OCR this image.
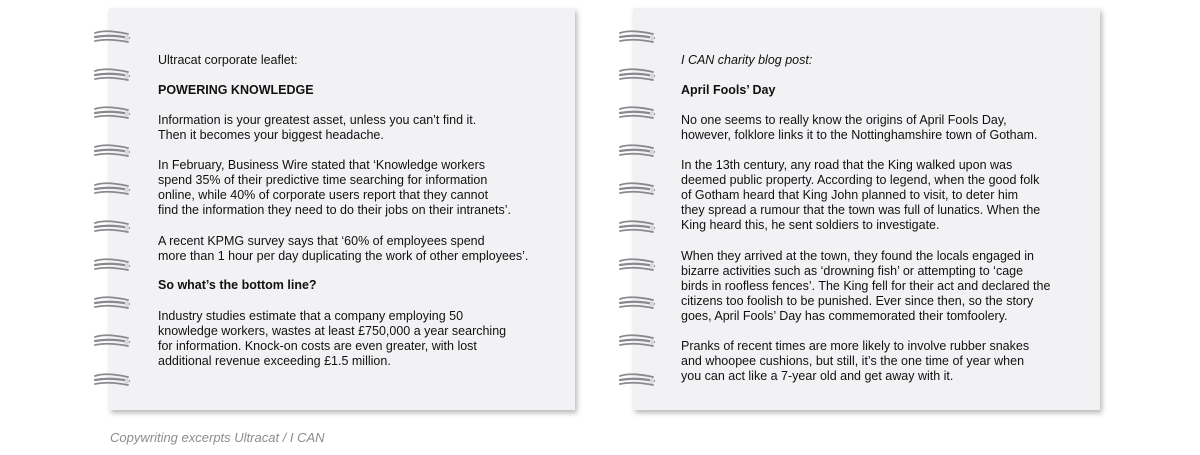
Ultracat corporate leaflet:

POWERING KNOWLEDGE

Information is your greatest asset, unless you can’t find it.
Then it becomes your biggest headache.

In February, Business Wire stated that ‘Knowledge workers
spend 35% of their predictive time searching for information
online, while 40% of corporate users report that they cannot
find the information they need to do their jobs on their intranets’.

A recent KPMG survey says that ‘60% of employees spend
more than 1 hour per day duplicating the work of other employees’.

So what’s the bottom line?

Industry studies estimate that a company employing 50
knowledge workers, wastes at least £750,000 a year searching
for information. Knock-on costs are even greater, with lost
additional revenue exceeding £1.5 million.

I CAN charity blog post:

April Fools’ Day

No one seems to really know the origins of April Fools Day,
however, folklore links it to the Nottinghamshire town of Gotham.

In the 13th century, any road that the King walked upon was
deemed public property. According to legend, when the good folk
of Gotham heard that King John planned to visit, to deter him
they spread a rumour that the town was full of lunatics. When the
King heard this, he sent soldiers to investigate.

When they arrived at the town, they found the locals engaged in
bizarre activities such as ‘drowning fish’ or attempting to ‘cage
birds in roofless fences’. The King fell for their act and declared the
citizens too foolish to be punished. Ever since then, so the story
goes, April Fools’ Day has commemorated their tomfoolery.

Pranks of recent times are more likely to involve rubber snakes
and whoopee cushions, but still, it’s the one time of year when
you can act like a 7-year old and get away with it.

Copywriting excerpts Ultracat / I CAN
